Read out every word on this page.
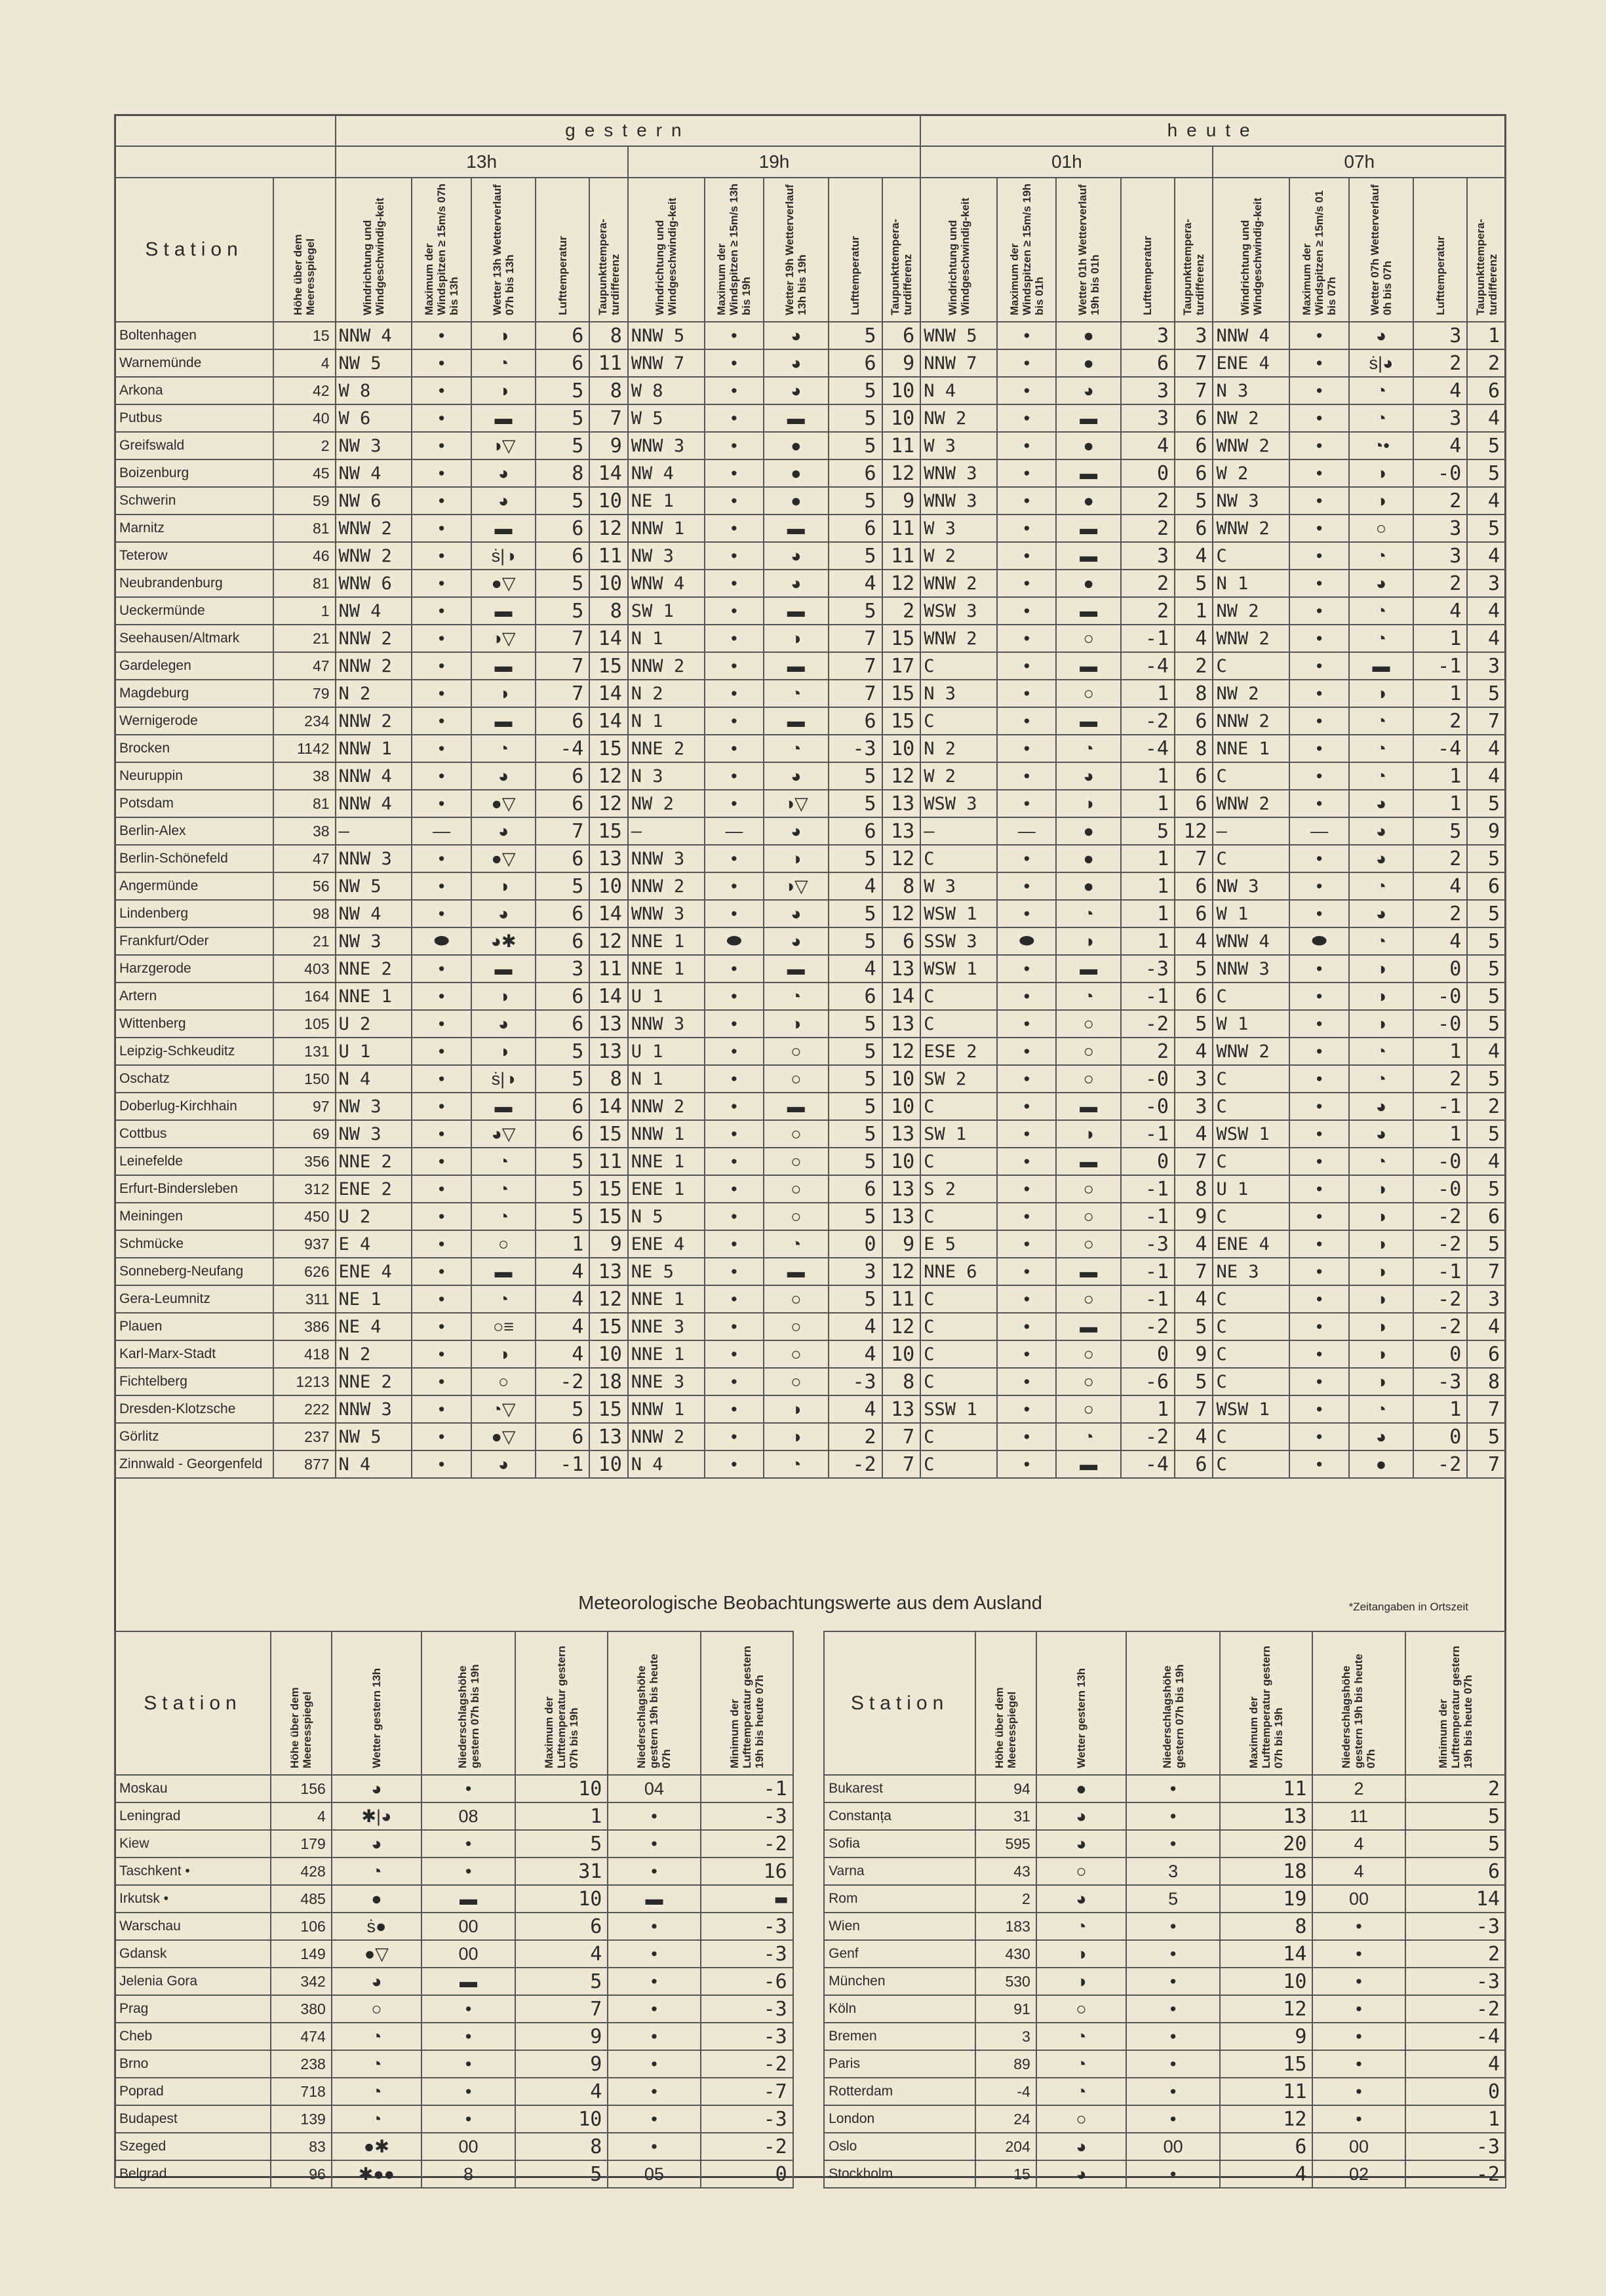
		gestern										heute									
		13h					19h					01h					07h				
Station	Höhe über dem Meeresspiegel	Windrichtung und Windgeschwindig-keit	Maximum der Windspitzen ≥ 15m/s 07h bis 13h	Wetter 13h Wetterverlauf 07h bis 13h	Lufttemperatur	Taupunkttempera-turdifferenz	Windrichtung und Windgeschwindig-keit	Maximum der Windspitzen ≥ 15m/s 13h bis 19h	Wetter 19h Wetterverlauf 13h bis 19h	Lufttemperatur	Taupunkttempera-turdifferenz	Windrichtung und Windgeschwindig-keit	Maximum der Windspitzen ≥ 15m/s 19h bis 01h	Wetter 01h Wetterverlauf 19h bis 01h	Lufttemperatur	Taupunkttempera-turdifferenz	Windrichtung und Windgeschwindig-keit	Maximum der Windspitzen ≥ 15m/s 01 bis 07h	Wetter 07h Wetterverlauf 0h bis 07h	Lufttemperatur	Taupunkttempera-turdifferenz
Boltenhagen	15	NNW 4	•	◑	6	8	NNW 5	•	◕	5	6	WNW 5	•	●	3	3	NNW 4	•	◕	3	1
Warnemünde	4	NW 5	•	◔	6	11	WNW 7	•	◕	6	9	NNW 7	•	●	6	7	ENE 4	•	ṡ|◕	2	2
Arkona	42	W 8	•	◑	5	8	W 8	•	◕	5	10	N 4	•	◕	3	7	N 3	•	◔	4	6
Putbus	40	W 6	•	▬	5	7	W 5	•	▬	5	10	NW 2	•	▬	3	6	NW 2	•	◔	3	4
Greifswald	2	NW 3	•	◑▽	5	9	WNW 3	•	●	5	11	W 3	•	●	4	6	WNW 2	•	◔•	4	5
Boizenburg	45	NW 4	•	◕	8	14	NW 4	•	●	6	12	WNW 3	•	▬	0	6	W 2	•	◑	-0	5
Schwerin	59	NW 6	•	◕	5	10	NE 1	•	●	5	9	WNW 3	•	●	2	5	NW 3	•	◑	2	4
Marnitz	81	WNW 2	•	▬	6	12	NNW 1	•	▬	6	11	W 3	•	▬	2	6	WNW 2	•	○	3	5
Teterow	46	WNW 2	•	ṡ|◑	6	11	NW 3	•	◕	5	11	W 2	•	▬	3	4	C	•	◔	3	4
Neubrandenburg	81	WNW 6	•	●▽	5	10	WNW 4	•	◕	4	12	WNW 2	•	●	2	5	N 1	•	◕	2	3
Ueckermünde	1	NW 4	•	▬	5	8	SW 1	•	▬	5	2	WSW 3	•	▬	2	1	NW 2	•	◔	4	4
Seehausen/Altmark	21	NNW 2	•	◑▽	7	14	N 1	•	◑	7	15	WNW 2	•	○	-1	4	WNW 2	•	◔	1	4
Gardelegen	47	NNW 2	•	▬	7	15	NNW 2	•	▬	7	17	C	•	▬	-4	2	C	•	▬	-1	3
Magdeburg	79	N 2	•	◑	7	14	N 2	•	◔	7	15	N 3	•	○	1	8	NW 2	•	◑	1	5
Wernigerode	234	NNW 2	•	▬	6	14	N 1	•	▬	6	15	C	•	▬	-2	6	NNW 2	•	◔	2	7
Brocken	1142	NNW 1	•	◔	-4	15	NNE 2	•	◔	-3	10	N 2	•	◔	-4	8	NNE 1	•	◔	-4	4
Neuruppin	38	NNW 4	•	◕	6	12	N 3	•	◕	5	12	W 2	•	◕	1	6	C	•	◔	1	4
Potsdam	81	NNW 4	•	●▽	6	12	NW 2	•	◑▽	5	13	WSW 3	•	◑	1	6	WNW 2	•	◕	1	5
Berlin-Alex	38	—	—	◕	7	15	—	—	◕	6	13	—	—	●	5	12	—	—	◕	5	9
Berlin-Schönefeld	47	NNW 3	•	●▽	6	13	NNW 3	•	◑	5	12	C	•	●	1	7	C	•	◕	2	5
Angermünde	56	NW 5	•	◑	5	10	NNW 2	•	◑▽	4	8	W 3	•	●	1	6	NW 3	•	◔	4	6
Lindenberg	98	NW 4	•	◕	6	14	WNW 3	•	◕	5	12	WSW 1	•	◔	1	6	W 1	•	◕	2	5
Frankfurt/Oder	21	NW 3	⬬	◕✱	6	12	NNE 1	⬬	◕	5	6	SSW 3	⬬	◑	1	4	WNW 4	⬬	◔	4	5
Harzgerode	403	NNE 2	•	▬	3	11	NNE 1	•	▬	4	13	WSW 1	•	▬	-3	5	NNW 3	•	◑	0	5
Artern	164	NNE 1	•	◑	6	14	U 1	•	◔	6	14	C	•	◔	-1	6	C	•	◑	-0	5
Wittenberg	105	U 2	•	◕	6	13	NNW 3	•	◑	5	13	C	•	○	-2	5	W 1	•	◑	-0	5
Leipzig-Schkeuditz	131	U 1	•	◑	5	13	U 1	•	○	5	12	ESE 2	•	○	2	4	WNW 2	•	◔	1	4
Oschatz	150	N 4	•	ṡ|◑	5	8	N 1	•	○	5	10	SW 2	•	○	-0	3	C	•	◔	2	5
Doberlug-Kirchhain	97	NW 3	•	▬	6	14	NNW 2	•	▬	5	10	C	•	▬	-0	3	C	•	◕	-1	2
Cottbus	69	NW 3	•	◕▽	6	15	NNW 1	•	○	5	13	SW 1	•	◑	-1	4	WSW 1	•	◕	1	5
Leinefelde	356	NNE 2	•	◔	5	11	NNE 1	•	○	5	10	C	•	▬	0	7	C	•	◔	-0	4
Erfurt-Bindersleben	312	ENE 2	•	◔	5	15	ENE 1	•	○	6	13	S 2	•	○	-1	8	U 1	•	◑	-0	5
Meiningen	450	U 2	•	◔	5	15	N 5	•	○	5	13	C	•	○	-1	9	C	•	◑	-2	6
Schmücke	937	E 4	•	○	1	9	ENE 4	•	◔	0	9	E 5	•	○	-3	4	ENE 4	•	◑	-2	5
Sonneberg-Neufang	626	ENE 4	•	▬	4	13	NE 5	•	▬	3	12	NNE 6	•	▬	-1	7	NE 3	•	◑	-1	7
Gera-Leumnitz	311	NE 1	•	◔	4	12	NNE 1	•	○	5	11	C	•	○	-1	4	C	•	◑	-2	3
Plauen	386	NE 4	•	○≡	4	15	NNE 3	•	○	4	12	C	•	▬	-2	5	C	•	◑	-2	4
Karl-Marx-Stadt	418	N 2	•	◑	4	10	NNE 1	•	○	4	10	C	•	○	0	9	C	•	◑	0	6
Fichtelberg	1213	NNE 2	•	○	-2	18	NNE 3	•	○	-3	8	C	•	○	-6	5	C	•	◑	-3	8
Dresden-Klotzsche	222	NNW 3	•	◔▽	5	15	NNW 1	•	◑	4	13	SSW 1	•	○	1	7	WSW 1	•	◔	1	7
Görlitz	237	NW 5	•	●▽	6	13	NNW 2	•	◑	2	7	C	•	◔	-2	4	C	•	◕	0	5
Zinnwald - Georgenfeld	877	N 4	•	◕	-1	10	N 4	•	◔	-2	7	C	•	▬	-4	6	C	•	●	-2	7

Meteorologische Beobachtungswerte aus dem Ausland	*Zeitangaben in Ortszeit
Station	Höhe über dem Meeresspiegel	Wetter gestern 13h	Niederschlagshöhe gestern 07h bis 19h	Maximum der Lufttemperatur gestern 07h bis 19h	Niederschlagshöhe gestern 19h bis heute 07h	Minimum der Lufttemperatur gestern 19h bis heute 07h		Station	Höhe über dem Meeresspiegel	Wetter gestern 13h	Niederschlagshöhe gestern 07h bis 19h	Maximum der Lufttemperatur gestern 07h bis 19h	Niederschlagshöhe gestern 19h bis heute 07h	Minimum der Lufttemperatur gestern 19h bis heute 07h
Moskau	156	◕	•	10	04	-1		Bukarest	94	●	•	11	2	2
Leningrad	4	✱|◕	08	1	•	-3		Constanța	31	◕	•	13	11	5
Kiew	179	◕	•	5	•	-2		Sofia	595	◕	•	20	4	5
Taschkent •	428	◔	•	31	•	16		Varna	43	○	3	18	4	6
Irkutsk •	485	●	▬	10	▬	▬		Rom	2	◕	5	19	00	14
Warschau	106	ṡ●	00	6	•	-3		Wien	183	◔	•	8	•	-3
Gdansk	149	●▽	00	4	•	-3		Genf	430	◑	•	14	•	2
Jelenia Gora	342	◕	▬	5	•	-6		München	530	◑	•	10	•	-3
Prag	380	○	•	7	•	-3		Köln	91	○	•	12	•	-2
Cheb	474	◔	•	9	•	-3		Bremen	3	◔	•	9	•	-4
Brno	238	◔	•	9	•	-2		Paris	89	◔	•	15	•	4
Poprad	718	◔	•	4	•	-7		Rotterdam	-4	◔	•	11	•	0
Budapest	139	◔	•	10	•	-3		London	24	○	•	12	•	1
Szeged	83	●✱	00	8	•	-2		Oslo	204	◕	00	6	00	-3
Belgrad	96	✱●●	8	5	05	0		Stockholm	15	◕	•	4	02	-2
